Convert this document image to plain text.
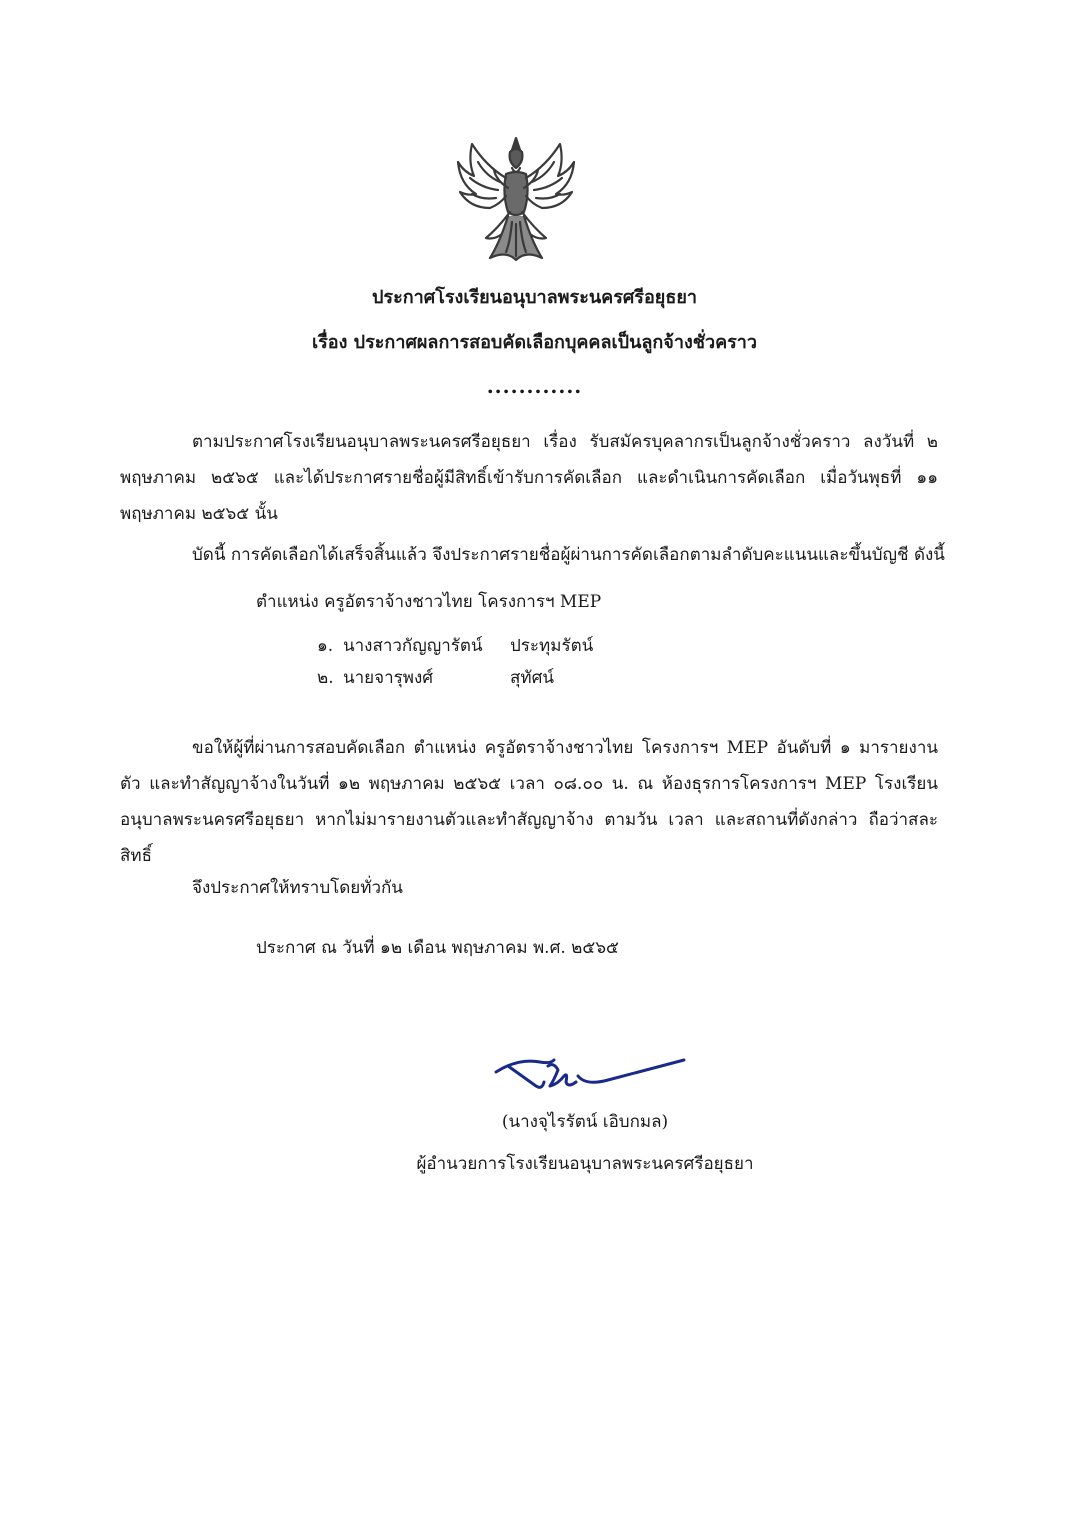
ประกาศโรงเรียนอนุบาลพระนครศรีอยุธยา
เรื่อง ประกาศผลการสอบคัดเลือกบุคคลเป็นลูกจ้างชั่วคราว
............
ตามประกาศโรงเรียนอนุบาลพระนครศรีอยุธยา เรื่อง รับสมัครบุคลากรเป็นลูกจ้างชั่วคราว ลงวันที่ ๒ พฤษภาคม ๒๕๖๕ และได้ประกาศรายชื่อผู้มีสิทธิ์เข้ารับการคัดเลือก และดำเนินการคัดเลือก เมื่อวันพุธที่ ๑๑ พฤษภาคม ๒๕๖๕ นั้น
บัดนี้ การคัดเลือกได้เสร็จสิ้นแล้ว จึงประกาศรายชื่อผู้ผ่านการคัดเลือกตามลำดับคะแนนและขึ้นบัญชี ดังนี้
ตำแหน่ง ครูอัตราจ้างชาวไทย โครงการฯ MEP
๑. นางสาวกัญญารัตน์ ประทุมรัตน์
๒. นายจารุพงศ์	สุทัศน์
ขอให้ผู้ที่ผ่านการสอบคัดเลือก ตำแหน่ง ครูอัตราจ้างชาวไทย โครงการฯ MEP อันดับที่ ๑ มารายงาน ตัว และทำสัญญาจ้างในวันที่ ๑๒ พฤษภาคม ๒๕๖๕ เวลา ๐๘.๐๐ น. ณ ห้องธุรการโครงการฯ MEP โรงเรียนอนุบาลพระนครศรีอยุธยา หากไม่มารายงานตัวและทำสัญญาจ้าง ตามวัน เวลา และสถานที่ดังกล่าว ถือว่าสละสิทธิ์
จึงประกาศให้ทราบโดยทั่วกัน
ประกาศ ณ วันที่ ๑๒ เดือน พฤษภาคม พ.ศ. ๒๕๖๕
(นางจุไรรัตน์ เอิบกมล)
ผู้อำนวยการโรงเรียนอนุบาลพระนครศรีอยุธยา
